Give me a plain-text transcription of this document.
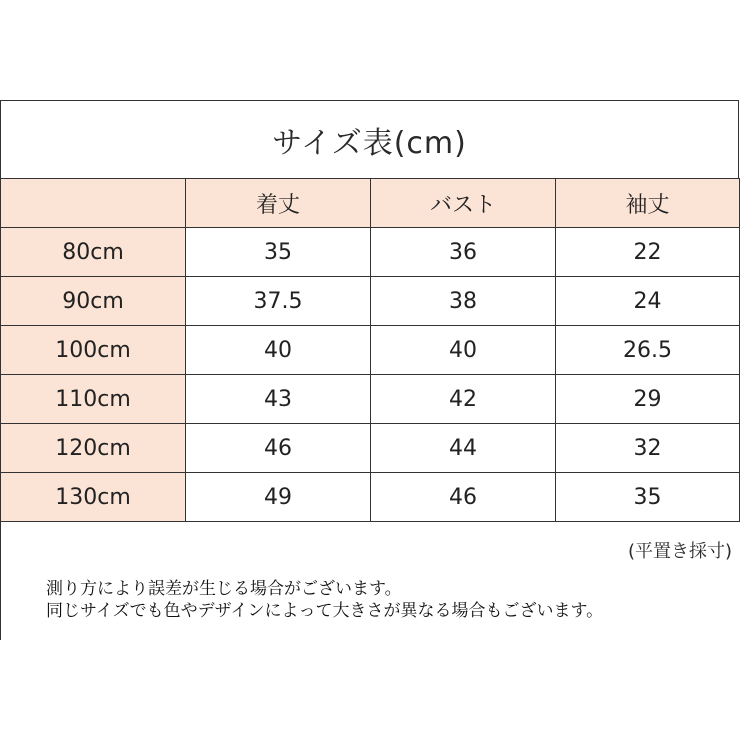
サイズ表(cm)
	着丈	バスト	袖丈
80cm	35	36	22
90cm	37.5	38	24
100cm	40	40	26.5
110cm	43	42	29
120cm	46	44	32
130cm	49	46	35
(平置き採寸)
測り方により誤差が生じる場合がございます。
同じサイズでも色やデザインによって大きさが異なる場合もございます。
